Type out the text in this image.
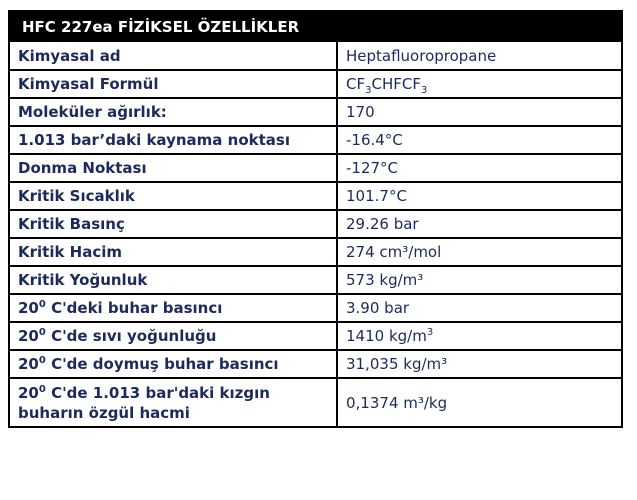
HFC 227ea FİZİKSEL ÖZELLİKLER
Kimyasal ad	Heptafluoropropane
Kimyasal Formül	$CF_3CHFCF_3$
Moleküler ağırlık:	170
1.013 bar’daki kaynama noktası	-16.4°C
Donma Noktası	-127°C
Kritik Sıcaklık	101.7°C
Kritik Basınç	29.26 bar
Kritik Hacim	274 cm³/mol
Kritik Yoğunluk	573 kg/m³
$20^0$ C'deki buhar basıncı	3.90 bar
$20^0$ C'de sıvı yoğunluğu	1410 $kg/m^3$
$20^0$ C'de doymuş buhar basıncı	31,035 kg/m³
$20^0$ C'de 1.013 bar'daki kızgın buharın özgül hacmi	0,1374 m³/kg
